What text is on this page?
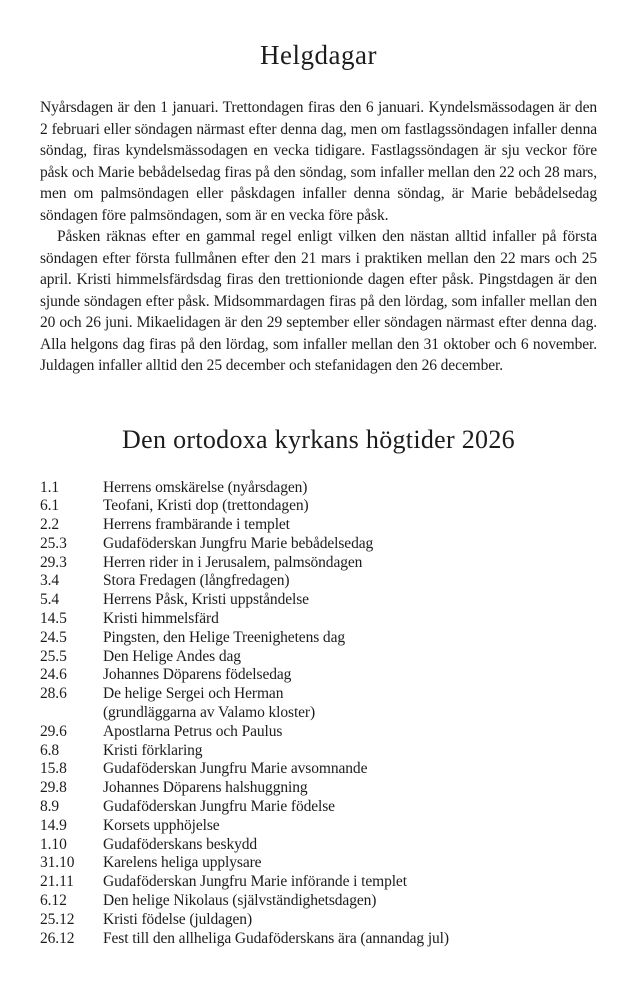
Helgdagar

Nyårsdagen är den 1 januari. Trettondagen firas den 6 januari. Kyndelsmässodagen är den 2 februari eller söndagen närmast efter denna dag, men om fastlagssöndagen infaller denna söndag, firas kyndelsmässodagen en vecka tidigare. Fastlagssöndagen är sju veckor före påsk och Marie bebådelsedag firas på den söndag, som infaller mellan den 22 och 28 mars, men om palmsöndagen eller påskdagen infaller denna söndag, är Marie bebådelsedag söndagen före palmsöndagen, som är en vecka före påsk.

Påsken räknas efter en gammal regel enligt vilken den nästan alltid infaller på första söndagen efter första fullmånen efter den 21 mars i praktiken mellan den 22 mars och 25 april. Kristi himmelsfärdsdag firas den trettionionde dagen efter påsk. Pingstdagen är den sjunde söndagen efter påsk. Midsommardagen firas på den lördag, som infaller mellan den 20 och 26 juni. Mikaelidagen är den 29 september eller söndagen närmast efter denna dag. Alla helgons dag firas på den lördag, som infaller mellan den 31 oktober och 6 november. Juldagen infaller alltid den 25 december och stefanidagen den 26 december.

Den ortodoxa kyrkans högtider 2026
1.1	Herrens omskärelse (nyårsdagen)
6.1	Teofani, Kristi dop (trettondagen)
2.2	Herrens frambärande i templet
25.3	Gudaföderskan Jungfru Marie bebådelsedag
29.3	Herren rider in i Jerusalem, palmsöndagen
3.4	Stora Fredagen (långfredagen)
5.4	Herrens Påsk, Kristi uppståndelse
14.5	Kristi himmelsfärd
24.5	Pingsten, den Helige Treenighetens dag
25.5	Den Helige Andes dag
24.6	Johannes Döparens födelsedag
28.6	De helige Sergei och Herman
(grundläggarna av Valamo kloster)
29.6	Apostlarna Petrus och Paulus
6.8	Kristi förklaring
15.8	Gudaföderskan Jungfru Marie avsomnande
29.8	Johannes Döparens halshuggning
8.9	Gudaföderskan Jungfru Marie födelse
14.9	Korsets upphöjelse
1.10	Gudaföderskans beskydd
31.10	Karelens heliga upplysare
21.11	Gudaföderskan Jungfru Marie införande i templet
6.12	Den helige Nikolaus (självständighetsdagen)
25.12	Kristi födelse (juldagen)
26.12	Fest till den allheliga Gudaföderskans ära (annandag jul)
